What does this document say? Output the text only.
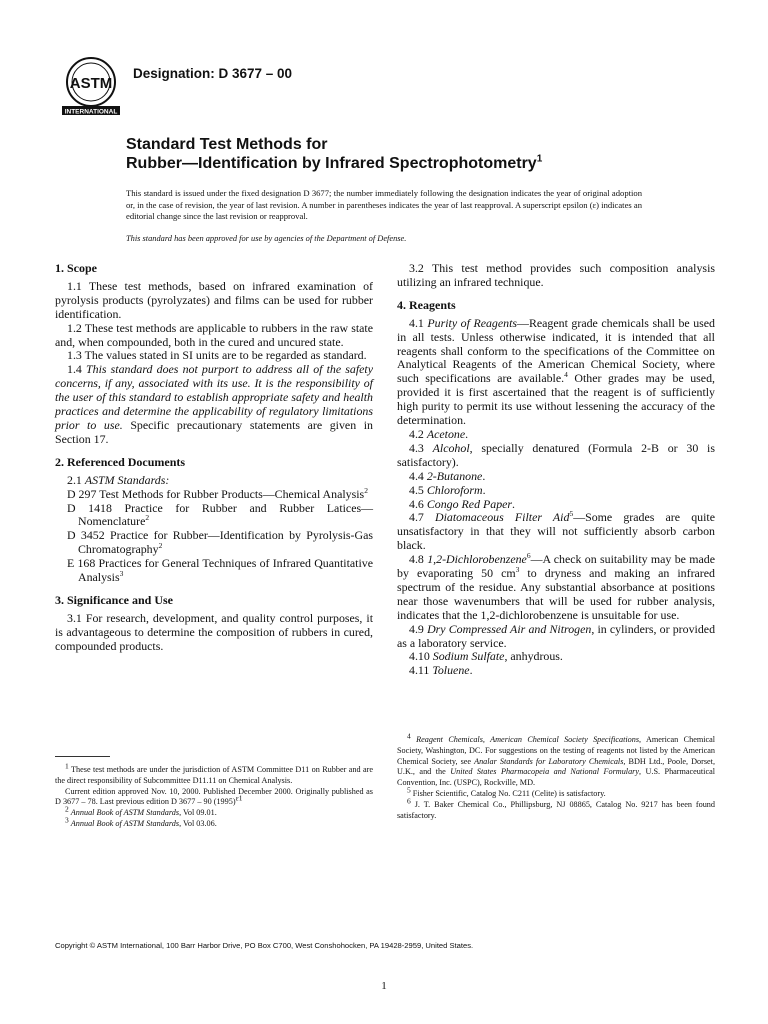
ASTM
INTERNATIONAL
Designation: D 3677 – 00
Standard Test Methods for
Rubber—Identification by Infrared Spectrophotometry$^1$
This standard is issued under the fixed designation D 3677; the number immediately following the designation indicates the year of original adoption or, in the case of revision, the year of last revision. A number in parentheses indicates the year of last reapproval. A superscript epsilon (ε) indicates an editorial change since the last revision or reapproval.
This standard has been approved for use by agencies of the Department of Defense.
1. Scope

1.1 These test methods, based on infrared examination of pyrolysis products (pyrolyzates) and films can be used for rubber identification.

1.2 These test methods are applicable to rubbers in the raw state and, when compounded, both in the cured and uncured state.

1.3 The values stated in SI units are to be regarded as standard.

1.4 This standard does not purport to address all of the safety concerns, if any, associated with its use. It is the responsibility of the user of this standard to establish appropriate safety and health practices and determine the applicability of regulatory limitations prior to use. Specific precautionary statements are given in Section 17.

2. Referenced Documents

2.1 ASTM Standards:

D 297 Test Methods for Rubber Products—Chemical Analysis$^2$

D 1418 Practice for Rubber and Rubber Latices—Nomenclature$^2$

D 3452 Practice for Rubber—Identification by Pyrolysis-Gas Chromatography$^2$

E 168 Practices for General Techniques of Infrared Quantitative Analysis$^3$

3. Significance and Use

3.1 For research, development, and quality control purposes, it is advantageous to determine the composition of rubbers in cured, compounded products.

3.2 This test method provides such composition analysis utilizing an infrared technique.

4. Reagents

4.1 Purity of Reagents—Reagent grade chemicals shall be used in all tests. Unless otherwise indicated, it is intended that all reagents shall conform to the specifications of the Committee on Analytical Reagents of the American Chemical Society, where such specifications are available.$^4$ Other grades may be used, provided it is first ascertained that the reagent is of sufficiently high purity to permit its use without lessening the accuracy of the determination.

4.2 Acetone.

4.3 Alcohol, specially denatured (Formula 2-B or 30 is satisfactory).

4.4 2-Butanone.

4.5 Chloroform.

4.6 Congo Red Paper.

4.7 Diatomaceous Filter Aid$^5$—Some grades are quite unsatisfactory in that they will not sufficiently absorb carbon black.

4.8 1,2-Dichlorobenzene$^6$—A check on suitability may be made by evaporating 50 $cm^3$ to dryness and making an infrared spectrum of the residue. Any substantial absorbance at positions near those wavenumbers that will be used for rubber analysis, indicates that the 1,2-dichlorobenzene is unsuitable for use.

4.9 Dry Compressed Air and Nitrogen, in cylinders, or provided as a laboratory service.

4.10 Sodium Sulfate, anhydrous.

4.11 Toluene.

$^1$ These test methods are under the jurisdiction of ASTM Committee D11 on Rubber and are the direct responsibility of Subcommittee D11.11 on Chemical Analysis.

Current edition approved Nov. 10, 2000. Published December 2000. Originally published as D 3677 – 78. Last previous edition D 3677 – 90 $(1995)^{\varepsilon 1}$

$^2$ Annual Book of ASTM Standards, Vol 09.01.

$^3$ Annual Book of ASTM Standards, Vol 03.06.

$^4$ Reagent Chemicals, American Chemical Society Specifications, American Chemical Society, Washington, DC. For suggestions on the testing of reagents not listed by the American Chemical Society, see Analar Standards for Laboratory Chemicals, BDH Ltd., Poole, Dorset, U.K., and the United States Pharmacopeia and National Formulary, U.S. Pharmaceutical Convention, Inc. (USPC), Rockville, MD.

$^5$ Fisher Scientific, Catalog No. C211 (Celite) is satisfactory.

$^6$ J. T. Baker Chemical Co., Phillipsburg, NJ 08865, Catalog No. 9217 has been found satisfactory.

Copyright © ASTM International, 100 Barr Harbor Drive, PO Box C700, West Conshohocken, PA 19428-2959, United States.
1
